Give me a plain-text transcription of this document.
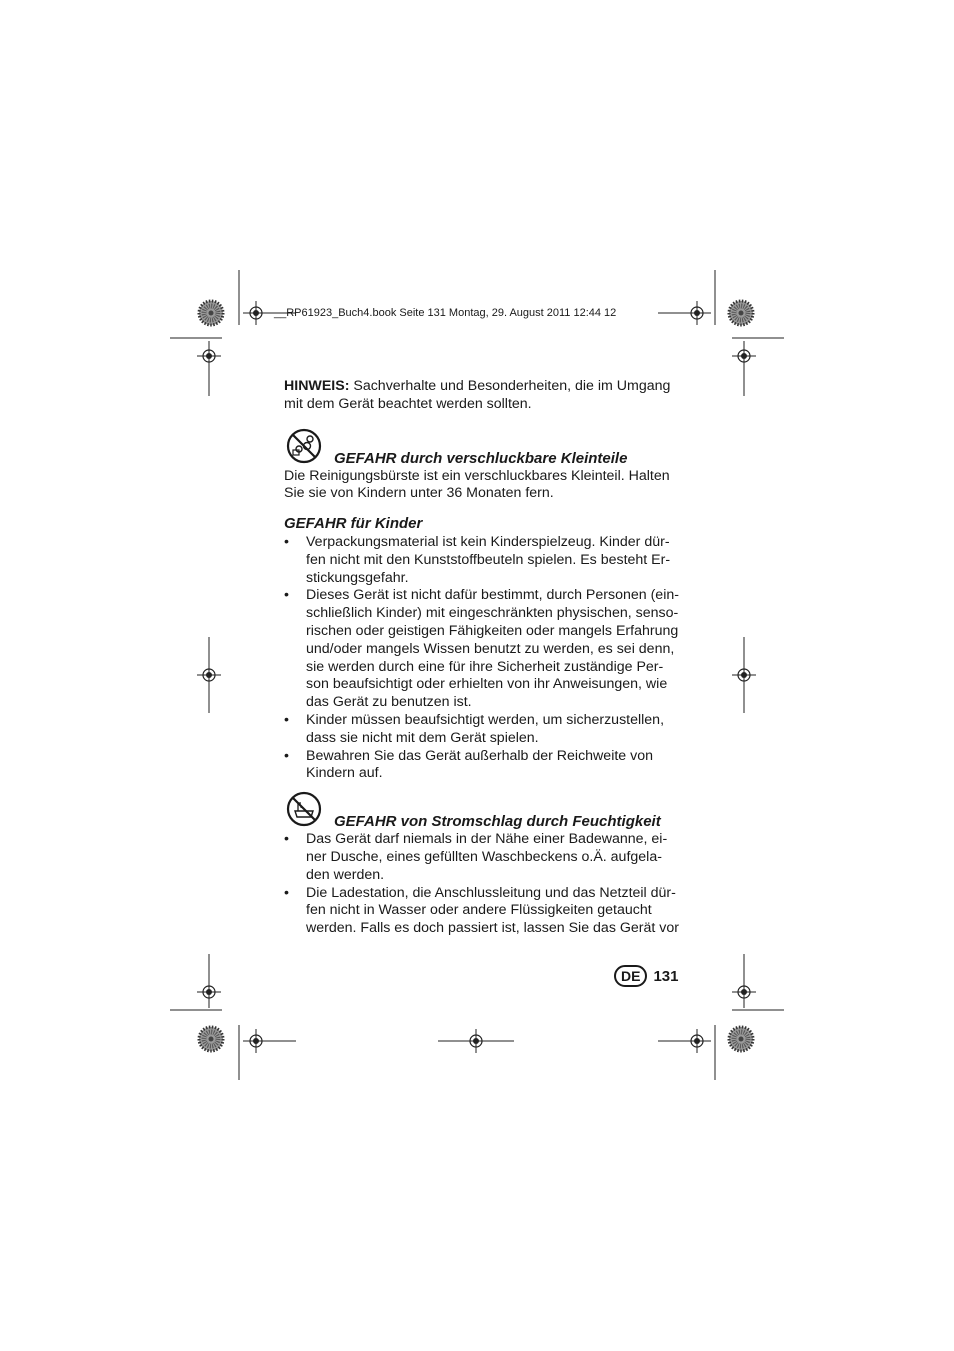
__RP61923_Buch4.book Seite 131 Montag, 29. August 2011 12:44 12

HINWEIS: Sachverhalte und Besonderheiten, die im Umgang
mit dem Gerät beachtet werden sollten.

GEFAHR durch verschluckbare Kleinteile

Die Reinigungsbürste ist ein verschluckbares Kleinteil. Halten
Sie sie von Kindern unter 36 Monaten fern.

GEFAHR für Kinder
• Verpackungsmaterial ist kein Kinderspielzeug. Kinder dür-
fen nicht mit den Kunststoffbeuteln spielen. Es besteht Er-
stickungsgefahr.
• Dieses Gerät ist nicht dafür bestimmt, durch Personen (ein-
schließlich Kinder) mit eingeschränkten physischen, senso-
rischen oder geistigen Fähigkeiten oder mangels Erfahrung
und/oder mangels Wissen benutzt zu werden, es sei denn,
sie werden durch eine für ihre Sicherheit zuständige Per-
son beaufsichtigt oder erhielten von ihr Anweisungen, wie
das Gerät zu benutzen ist.
• Kinder müssen beaufsichtigt werden, um sicherzustellen,
dass sie nicht mit dem Gerät spielen.
• Bewahren Sie das Gerät außerhalb der Reichweite von
Kindern auf.
GEFAHR von Stromschlag durch Feuchtigkeit
• Das Gerät darf niemals in der Nähe einer Badewanne, ei-
ner Dusche, eines gefüllten Waschbeckens o.Ä. aufgela-
den werden.
• Die Ladestation, die Anschlussleitung und das Netzteil dür-
fen nicht in Wasser oder andere Flüssigkeiten getaucht
werden. Falls es doch passiert ist, lassen Sie das Gerät vor
DE 131
